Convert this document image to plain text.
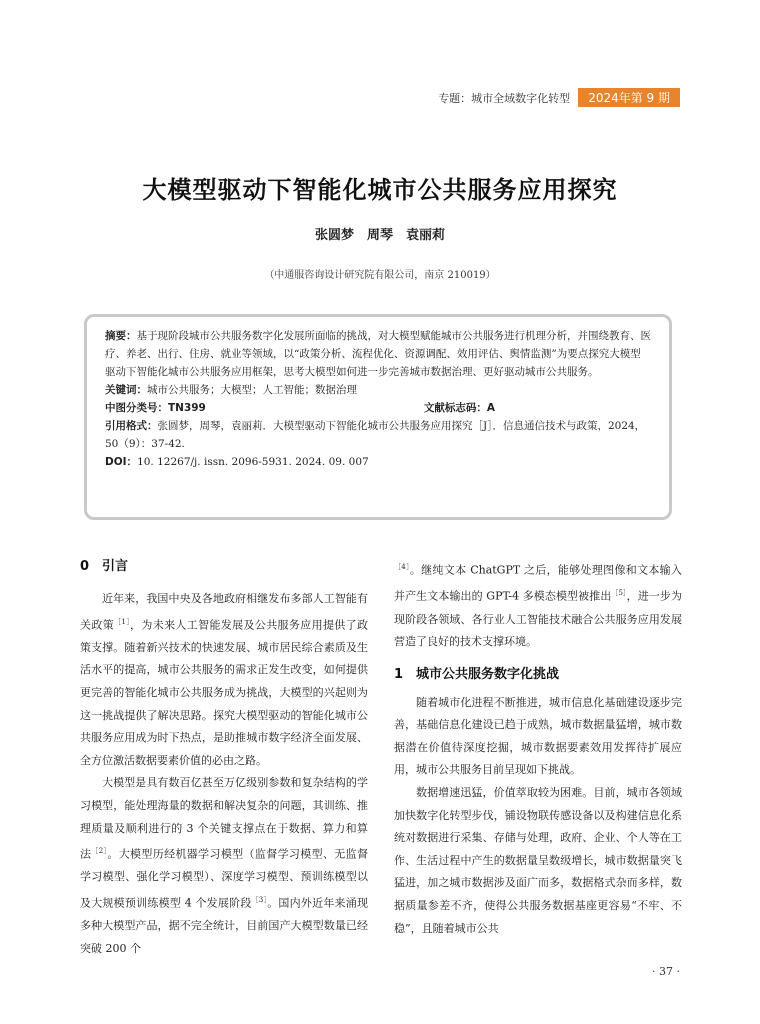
专题：城市全域数字化转型	2024年第 9 期
大模型驱动下智能化城市公共服务应用探究
张圆梦　周琴　袁丽莉
（中通服咨询设计研究院有限公司，南京 210019）
摘要：基于现阶段城市公共服务数字化发展所面临的挑战，对大模型赋能城市公共服务进行机理分析，并围绕教育、医疗、养老、出行、住房、就业等领域，以“政策分析、流程优化、资源调配、效用评估、舆情监测”为要点探究大模型驱动下智能化城市公共服务应用框架，思考大模型如何进一步完善城市数据治理、更好驱动城市公共服务。
关键词：城市公共服务；大模型；人工智能；数据治理
中图分类号：TN399	文献标志码：A
引用格式：张圆梦，周琴，袁丽莉．大模型驱动下智能化城市公共服务应用探究［J］．信息通信技术与政策，2024，50（9）：37-42.
DOI：10. 12267/j. issn. 2096-5931. 2024. 09. 007
0　引言

近年来，我国中央及各地政府相继发布多部人工智能有关政策$^{[1]}$，为未来人工智能发展及公共服务应用提供了政策支撑。随着新兴技术的快速发展、城市居民综合素质及生活水平的提高，城市公共服务的需求正发生改变，如何提供更完善的智能化城市公共服务成为挑战，大模型的兴起则为这一挑战提供了解决思路。探究大模型驱动的智能化城市公共服务应用成为时下热点，是助推城市数字经济全面发展、全方位激活数据要素价值的必由之路。

大模型是具有数百亿甚至万亿级别参数和复杂结构的学习模型，能处理海量的数据和解决复杂的问题，其训练、推理质量及顺利进行的 3 个关键支撑点在于数据、算力和算法$^{[2]}$。大模型历经机器学习模型（监督学习模型、无监督学习模型、强化学习模型）、深度学习模型、预训练模型以及大规模预训练模型 4 个发展阶段$^{[3]}$。国内外近年来涌现多种大模型产品，据不完全统计，目前国产大模型数量已经突破 200 个

$^{[4]}$。继纯文本 ChatGPT 之后，能够处理图像和文本输入并产生文本输出的 GPT-4 多模态模型被推出$^{[5]}$，进一步为现阶段各领域、各行业人工智能技术融合公共服务应用发展营造了良好的技术支撑环境。

1　城市公共服务数字化挑战

随着城市化进程不断推进，城市信息化基础建设逐步完善，基础信息化建设已趋于成熟，城市数据量猛增，城市数据潜在价值待深度挖掘，城市数据要素效用发挥待扩展应用，城市公共服务目前呈现如下挑战。

数据增速迅猛，价值萃取较为困难。目前，城市各领域加快数字化转型步伐，铺设物联传感设备以及构建信息化系统对数据进行采集、存储与处理，政府、企业、个人等在工作、生活过程中产生的数据量呈数级增长，城市数据量突飞猛进，加之城市数据涉及面广而多，数据格式杂而多样，数据质量参差不齐，使得公共服务数据基座更容易“不牢、不稳”，且随着城市公共

· 37 ·
